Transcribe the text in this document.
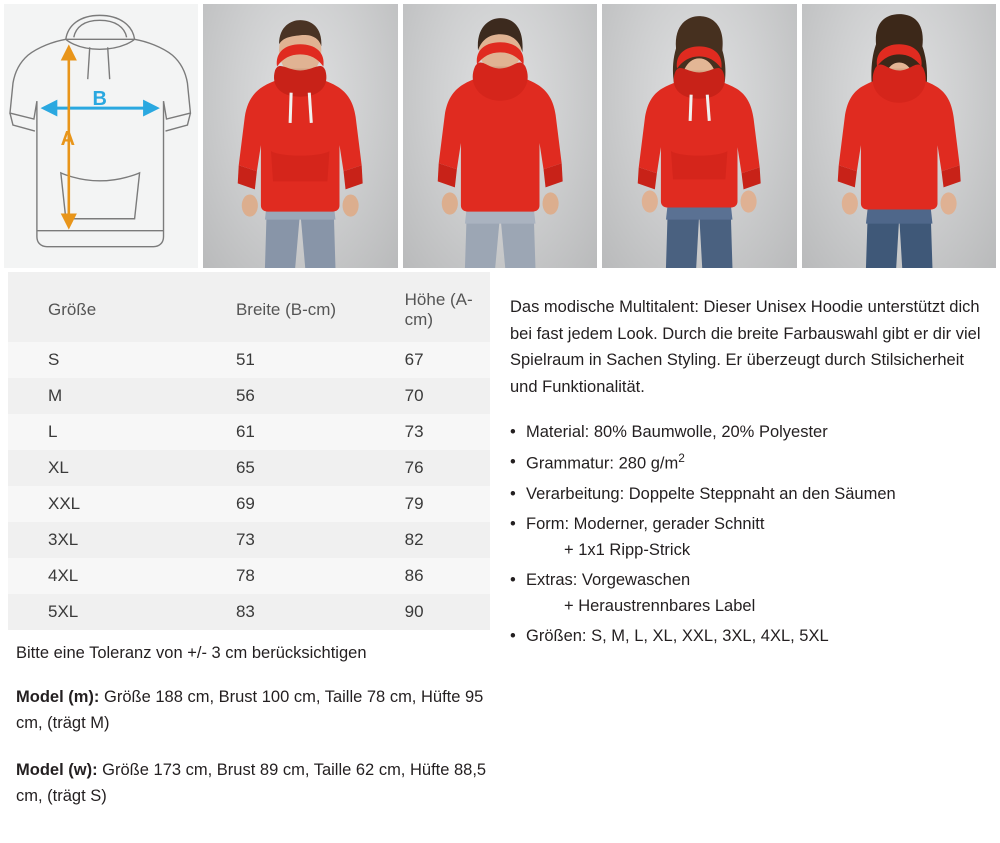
B
A
Größe	Breite (B-cm)	Höhe (A-cm)
S	51	67
M	56	70
L	61	73
XL	65	76
XXL	69	79
3XL	73	82
4XL	78	86
5XL	83	90

Bitte eine Toleranz von +/- 3 cm berücksichtigen

Model (m): Größe 188 cm, Brust 100 cm, Taille 78 cm, Hüfte 95 cm, (trägt M)

Model (w): Größe 173 cm, Brust 89 cm, Taille 62 cm, Hüfte 88,5 cm, (trägt S)

Das modische Multitalent: Dieser Unisex Hoodie unterstützt dich bei fast jedem Look. Durch die breite Farbauswahl gibt er dir viel Spielraum in Sachen Styling. Er überzeugt durch Stilsicherheit und Funktionalität.

• Material: 80% Baumwolle, 20% Polyester
• Grammatur: 280 $g/m^2$
• Verarbeitung: Doppelte Steppnaht an den Säumen
• Form: Moderner, gerader Schnitt
+ 1x1 Ripp-Strick
• Extras: Vorgewaschen
+ Heraustrennbares Label
• Größen: S, M, L, XL, XXL, 3XL, 4XL, 5XL
